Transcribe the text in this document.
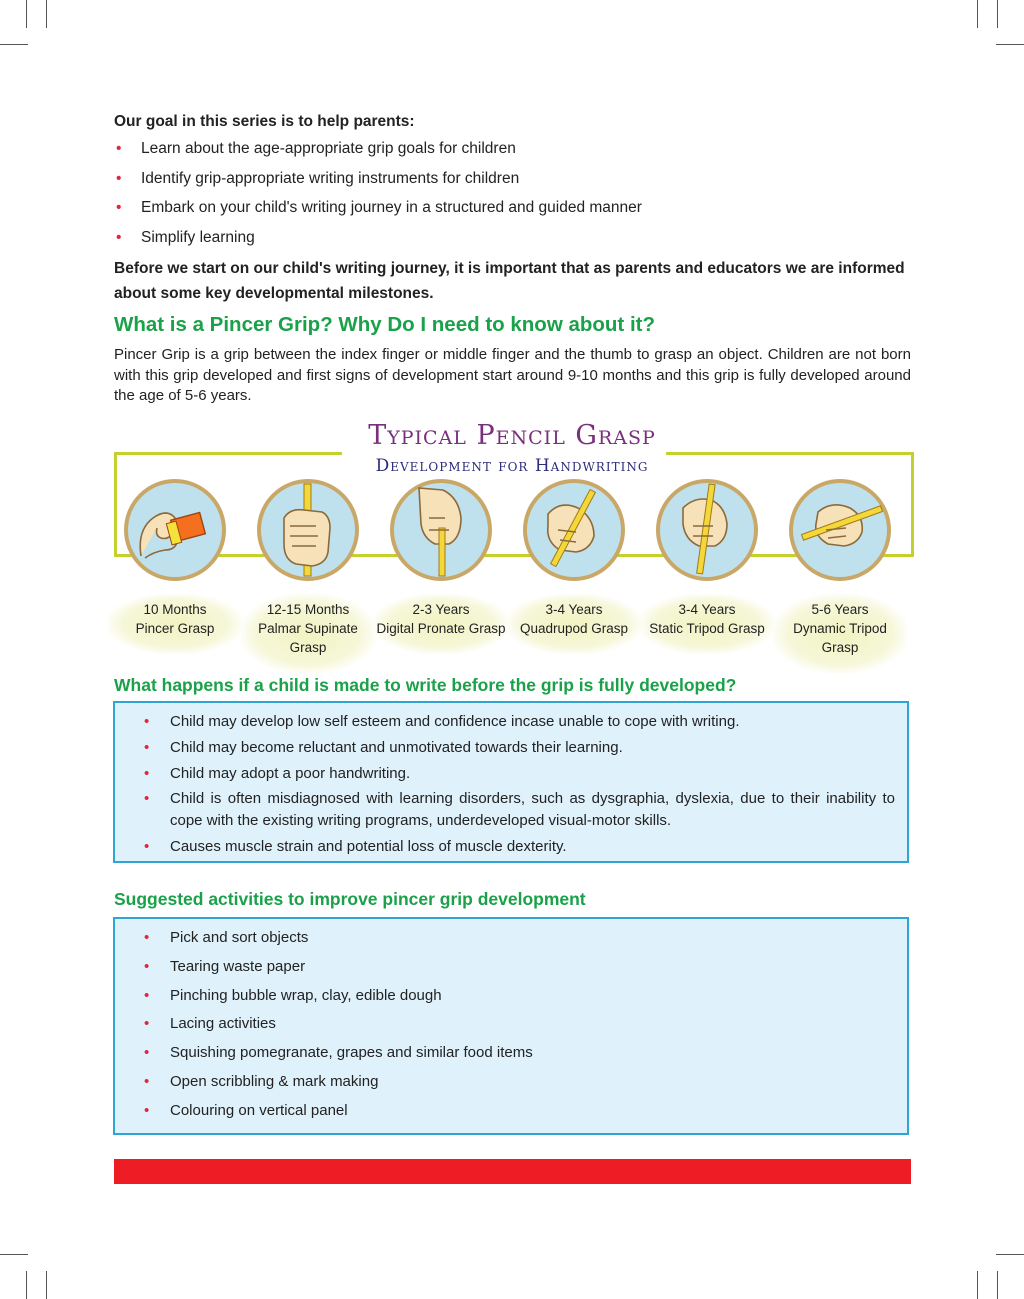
Our goal in this series is to help parents:

• Learn about the age-appropriate grip goals for children
• Identify grip-appropriate writing instruments for children
• Embark on your child's writing journey in a structured and guided manner
• Simplify learning
Before we start on our child's writing journey, it is important that as parents and educators we are informed about some key developmental milestones.
What is a Pincer Grip? Why Do I need to know about it?
Pincer Grip is a grip between the index finger or middle finger and the thumb to grasp an object. Children are not born with this grip developed and first signs of development start around 9-10 months and this grip is fully developed around the age of 5-6 years.
Typical Pencil Grasp
Development for Handwriting
10 Months
Pincer Grasp
12-15 Months
Palmar Supinate Grasp
2-3 Years
Digital Pronate Grasp
3-4 Years
Quadrupod Grasp
3-4 Years
Static Tripod Grasp
5-6 Years
Dynamic Tripod Grasp
What happens if a child is made to write before the grip is fully developed?
• Child may develop low self esteem and confidence incase unable to cope with writing.
• Child may become reluctant and unmotivated towards their learning.
• Child may adopt a poor handwriting.
• Child is often misdiagnosed with learning disorders, such as dysgraphia, dyslexia, due to their inability to cope with the existing writing programs, underdeveloped visual-motor skills.
• Causes muscle strain and potential loss of muscle dexterity.
Suggested activities to improve pincer grip development
• Pick and sort objects
• Tearing waste paper
• Pinching bubble wrap, clay, edible dough
• Lacing activities
• Squishing pomegranate, grapes and similar food items
• Open scribbling & mark making
• Colouring on vertical panel
